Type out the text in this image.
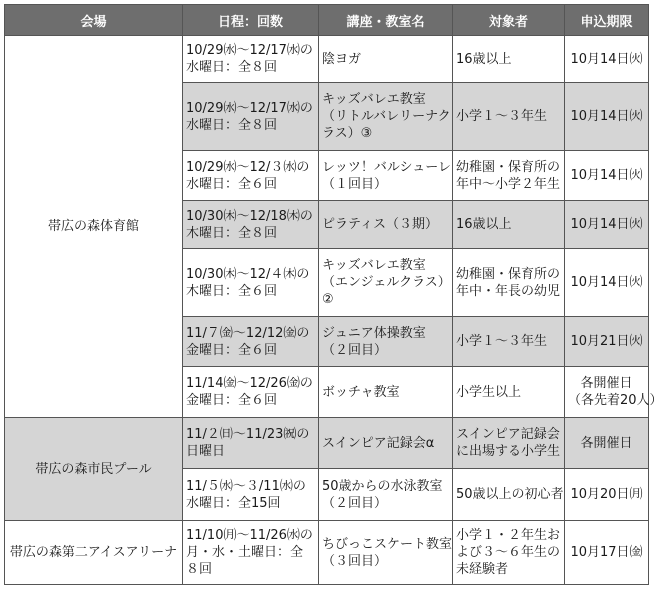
会場	日程：回数	講座・教室名	対象者	申込期限
帯広の森体育館	10/29㈬～12/17㈬の
水曜日：全８回	陰ヨガ	16歳以上	10月14日㈫

	10/29㈬～12/17㈬の
水曜日：全８回	キッズバレエ教室
（リトルバレリーナク
ラス）③	小学１～３年生	10月14日㈫

	10/29㈬～12/３㈬の
水曜日：全６回	レッツ！バルシューレ
（１回目）	幼稚園・保育所の
年中～小学２年生	10月14日㈫

	10/30㈭～12/18㈭の
木曜日：全８回	ピラティス（３期）	16歳以上	10月14日㈫

	10/30㈭～12/４㈭の
木曜日：全６回	キッズバレエ教室
（エンジェルクラス）
②	幼稚園・保育所の
年中・年長の幼児	10月14日㈫

	11/７㈮～12/12㈮の
金曜日：全６回	ジュニア体操教室
（２回目）	小学１～３年生	10月21日㈫

	11/14㈮～12/26㈮の
金曜日：全６回	ボッチャ教室	小学生以上	各開催日
（各先着20人）

帯広の森市民プール	11/２㈰～11/23㈷の
日曜日	スインピア記録会α	スインピア記録会
に出場する小学生	各開催日

	11/５㈬～３/11㈬の
水曜日：全15回	50歳からの水泳教室
（２回目）	50歳以上の初心者	10月20日㈪

帯広の森第二アイスアリーナ	11/10㈪～11/26㈬の
月・水・土曜日：全
８回	ちびっこスケート教室
（３回目）	小学１・２年生お
よび３～６年生の
未経験者	10月17日㈮
